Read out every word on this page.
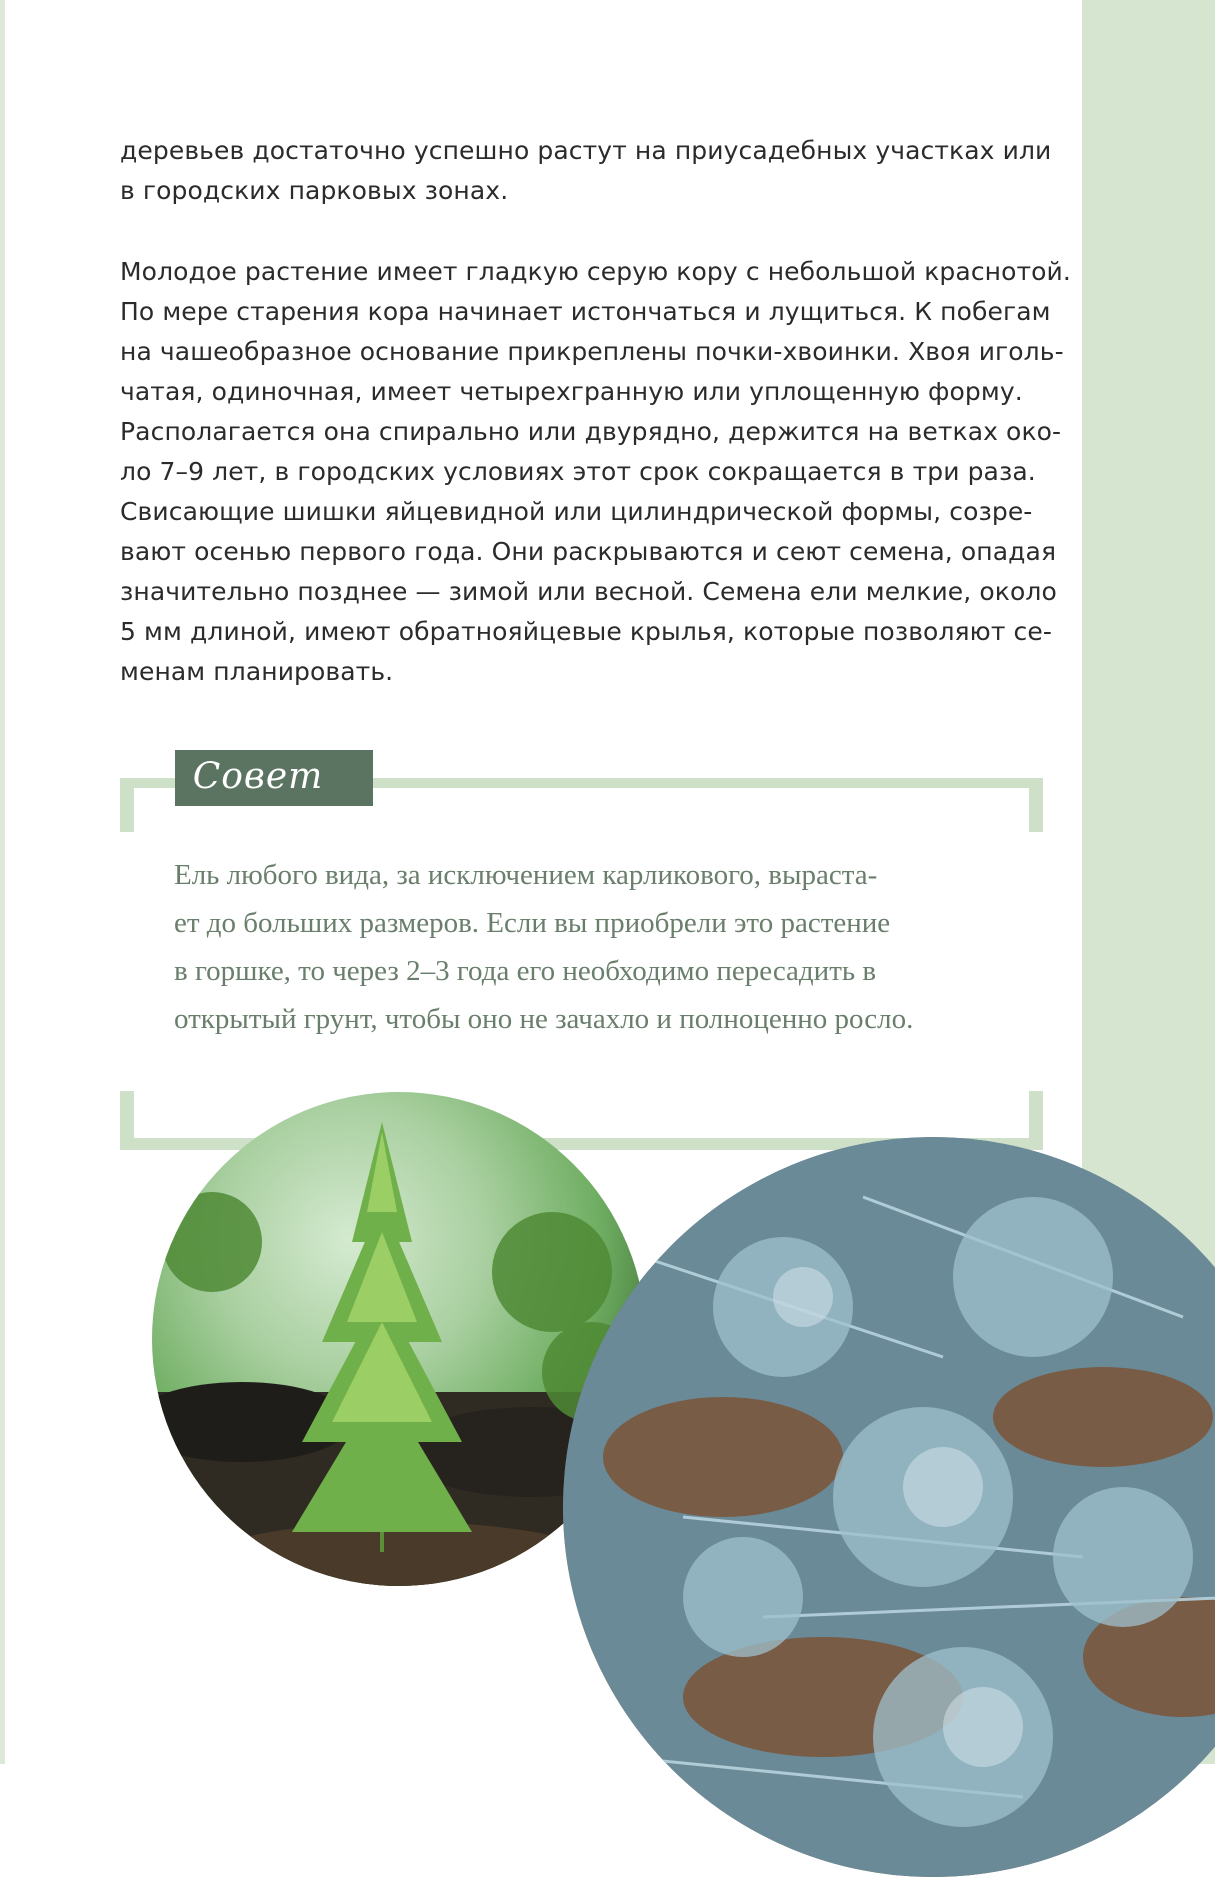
деревьев достаточно успешно растут на приусадебных участках или
в городских парковых зонах.
Молодое растение имеет гладкую серую кору с небольшой краснотой.
По мере старения кора начинает истончаться и лущиться. К побегам
на чашеобразное основание прикреплены почки-хвоинки. Хвоя иголь-
чатая, одиночная, имеет четырехгранную или уплощенную форму.
Располагается она спирально или двурядно, держится на ветках око-
ло 7–9 лет, в городских условиях этот срок сокращается в три раза.
Свисающие шишки яйцевидной или цилиндрической формы, созре-
вают осенью первого года. Они раскрываются и сеют семена, опадая
значительно позднее — зимой или весной. Семена ели мелкие, около
5 мм длиной, имеют обратнояйцевые крылья, которые позволяют се-
менам планировать.
Совет
Ель любого вида, за исключением карликового, выраста-
ет до больших размеров. Если вы приобрели это растение
в горшке, то через 2–3 года его необходимо пересадить в
открытый грунт, чтобы оно не зачахло и полноценно росло.
